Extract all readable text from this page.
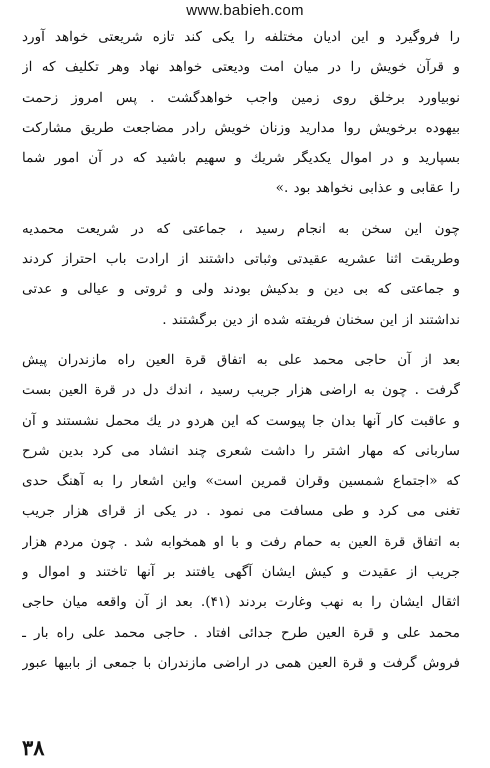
www.babieh.com
را فروگیرد و این ادیان مختلفه را یکی کند تازه شریعتی خواهد آورد
و قرآن خویش را در میان امت ودیعتی خواهد نهاد وهر تکلیف که از
نوبیاورد برخلق روی زمین واجب خواهدگشت . پس امروز زحمت
بیهوده برخویش روا مدارید وزنان خویش رادر مضاجعت طریق مشارکت
بسپارید و در اموال یکدیگر شریك و سهیم باشید که در آن امور شما
را عقابی و عذابی نخواهد بود .»
چون این سخن به انجام رسید ، جماعتی که در شریعت محمدیه
وطریقت اثنا عشریه عقیدتی وثباتی داشتند از ارادت باب احتراز کردند
و جماعتی که بی دین و بدکیش بودند ولی و ثروتی و عیالی و عدتی
نداشتند از این سخنان فریفته شده از دین برگشتند .
بعد از آن حاجی محمد علی به اتفاق قرة العین راه مازندران پیش
گرفت . چون به اراضی هزار جریب رسید ، اندك دل در قرة العین بست
و عاقبت کار آنها بدان جا پیوست که این هردو در یك محمل نشستند و آن
ساربانی که مهار اشتر را داشت شعری چند انشاد می کرد بدین شرح
که «اجتماع شمسین وقران قمرین است» واین اشعار را به آهنگ حدی
تغنی می کرد و طی مسافت می نمود . در یکی از قرای هزار جریب
به اتفاق قرة العین به حمام رفت و با او همخوابه شد . چون مردم هزار
جریب از عقیدت و کیش ایشان آگهی یافتند بر آنها تاختند و اموال و
اثقال ایشان را به نهب وغارت بردند (۴۱). بعد از آن واقعه میان حاجی
محمد علی و قرة العین طرح جدائی افتاد . حاجی محمد علی راه بار ـ
فروش گرفت و قرة العین همی در اراضی مازندران با جمعی از بابیها عبور
۳۸
